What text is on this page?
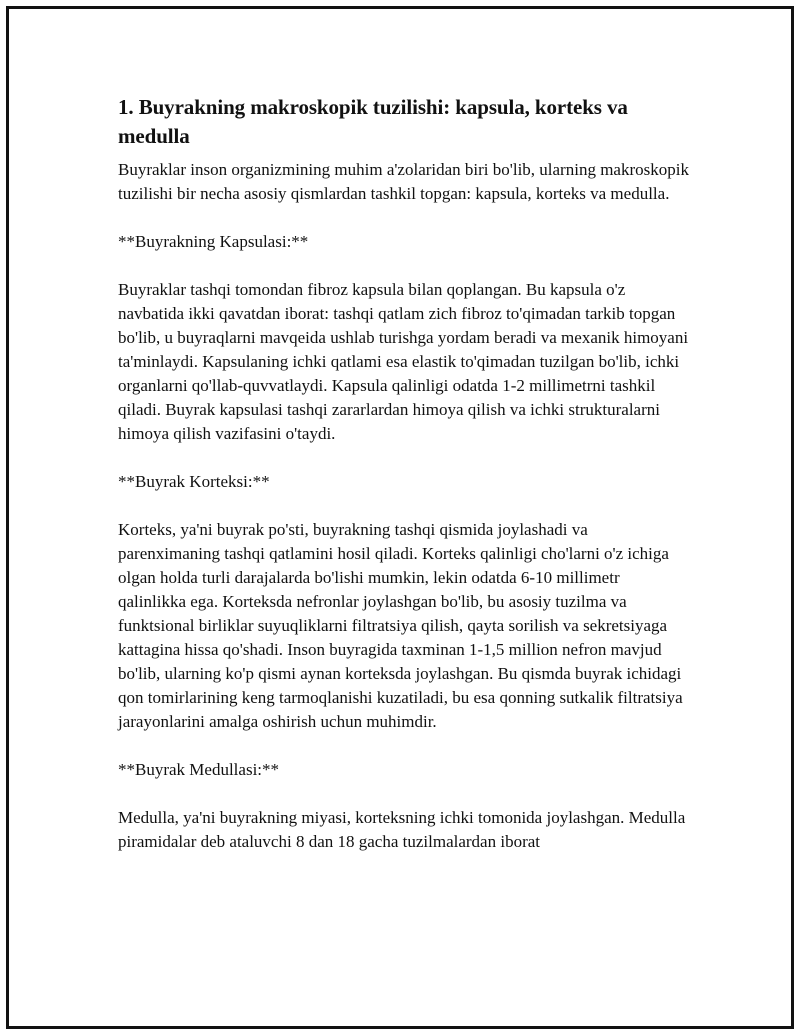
1. Buyrakning makroskopik tuzilishi: kapsula, korteks va medulla

Buyraklar inson organizmining muhim a'zolaridan biri bo'lib, ularning makroskopik tuzilishi bir necha asosiy qismlardan tashkil topgan: kapsula, korteks va medulla.

**Buyrakning Kapsulasi:**

Buyraklar tashqi tomondan fibroz kapsula bilan qoplangan. Bu kapsula o'z navbatida ikki qavatdan iborat: tashqi qatlam zich fibroz to'qimadan tarkib topgan bo'lib, u buyraqlarni mavqeida ushlab turishga yordam beradi va mexanik himoyani ta'minlaydi. Kapsulaning ichki qatlami esa elastik to'qimadan tuzilgan bo'lib, ichki organlarni qo'llab-quvvatlaydi. Kapsula qalinligi odatda 1-2 millimetrni tashkil qiladi. Buyrak kapsulasi tashqi zararlardan himoya qilish va ichki strukturalarni himoya qilish vazifasini o'taydi.

**Buyrak Korteksi:**

Korteks, ya'ni buyrak po'sti, buyrakning tashqi qismida joylashadi va parenximaning tashqi qatlamini hosil qiladi. Korteks qalinligi cho'larni o'z ichiga olgan holda turli darajalarda bo'lishi mumkin, lekin odatda 6-10 millimetr qalinlikka ega. Korteksda nefronlar joylashgan bo'lib, bu asosiy tuzilma va funktsional birliklar suyuqliklarni filtratsiya qilish, qayta sorilish va sekretsiyaga kattagina hissa qo'shadi. Inson buyragida taxminan 1-1,5 million nefron mavjud bo'lib, ularning ko'p qismi aynan korteksda joylashgan. Bu qismda buyrak ichidagi qon tomirlarining keng tarmoqlanishi kuzatiladi, bu esa qonning sutkalik filtratsiya jarayonlarini amalga oshirish uchun muhimdir.

**Buyrak Medullasi:**

Medulla, ya'ni buyrakning miyasi, korteksning ichki tomonida joylashgan. Medulla piramidalar deb ataluvchi 8 dan 18 gacha tuzilmalardan iborat
